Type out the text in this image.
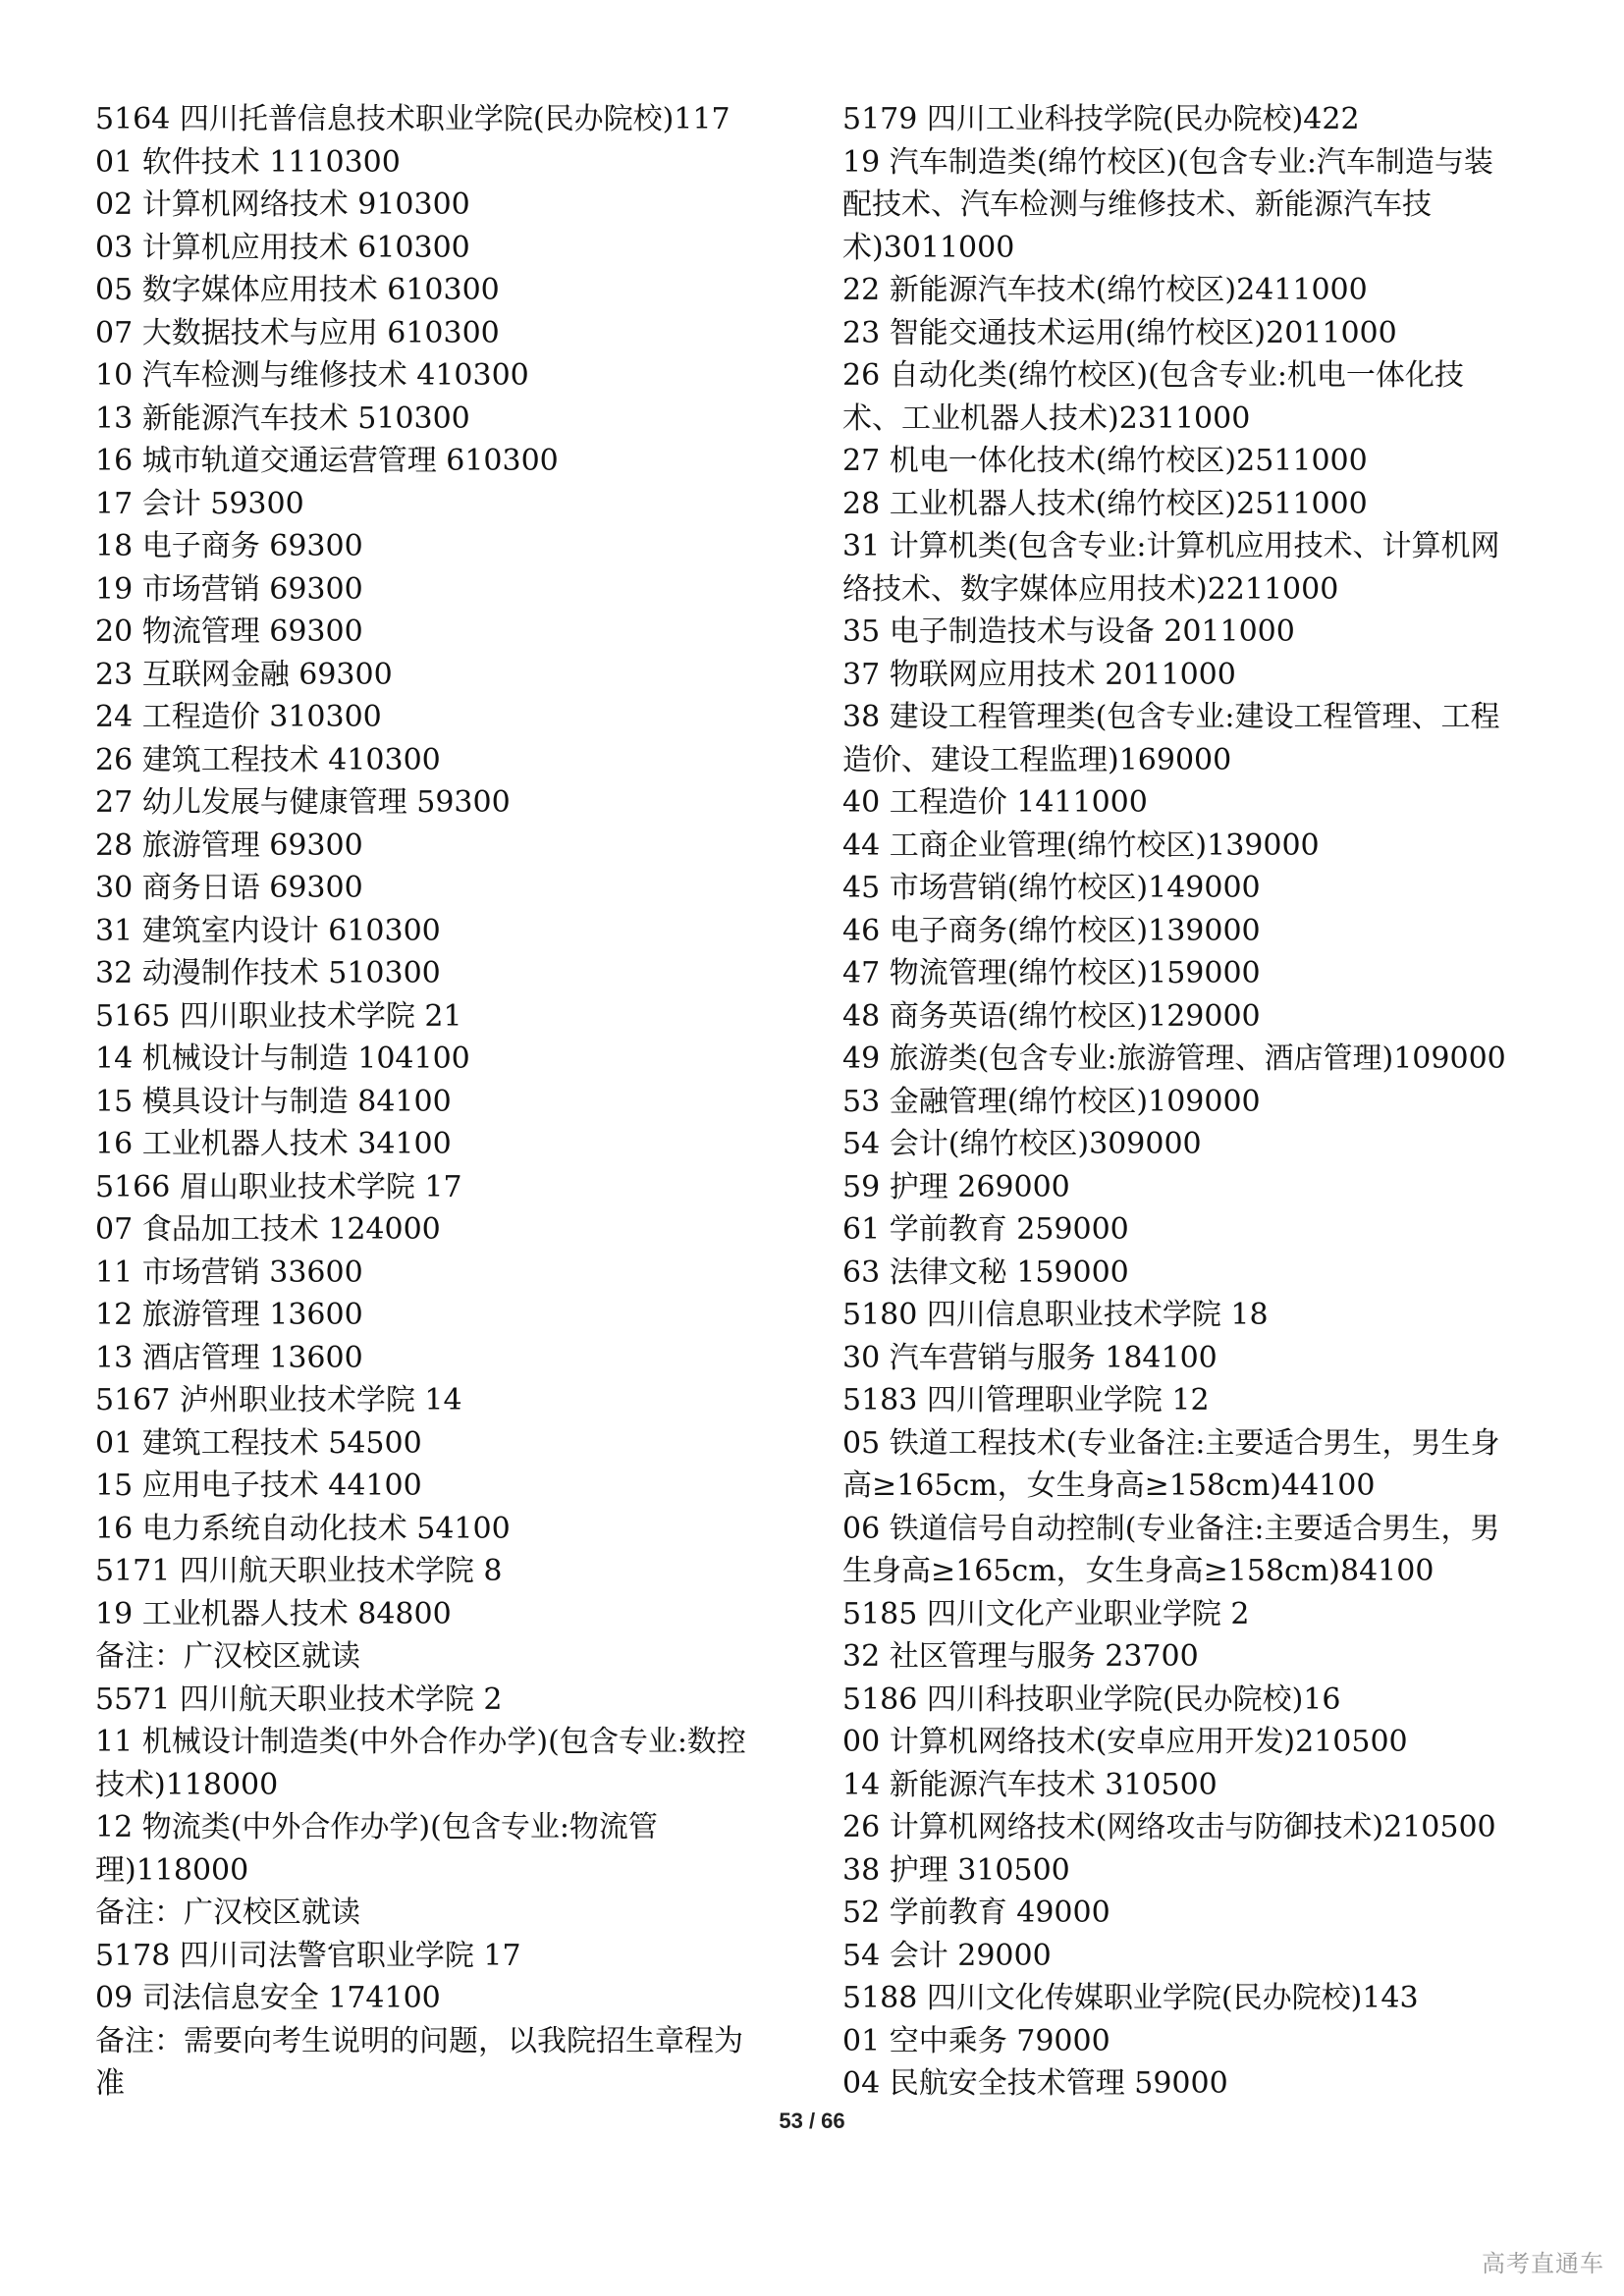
5164 四川托普信息技术职业学院(民办院校)117
01 软件技术 1110300
02 计算机网络技术 910300
03 计算机应用技术 610300
05 数字媒体应用技术 610300
07 大数据技术与应用 610300
10 汽车检测与维修技术 410300
13 新能源汽车技术 510300
16 城市轨道交通运营管理 610300
17 会计 59300
18 电子商务 69300
19 市场营销 69300
20 物流管理 69300
23 互联网金融 69300
24 工程造价 310300
26 建筑工程技术 410300
27 幼儿发展与健康管理 59300
28 旅游管理 69300
30 商务日语 69300
31 建筑室内设计 610300
32 动漫制作技术 510300
5165 四川职业技术学院 21
14 机械设计与制造 104100
15 模具设计与制造 84100
16 工业机器人技术 34100
5166 眉山职业技术学院 17
07 食品加工技术 124000
11 市场营销 33600
12 旅游管理 13600
13 酒店管理 13600
5167 泸州职业技术学院 14
01 建筑工程技术 54500
15 应用电子技术 44100
16 电力系统自动化技术 54100
5171 四川航天职业技术学院 8
19 工业机器人技术 84800
备注：广汉校区就读
5571 四川航天职业技术学院 2
11 机械设计制造类(中外合作办学)(包含专业:数控
技术)118000
12 物流类(中外合作办学)(包含专业:物流管
理)118000
备注：广汉校区就读
5178 四川司法警官职业学院 17
09 司法信息安全 174100
备注：需要向考生说明的问题，以我院招生章程为
准
5179 四川工业科技学院(民办院校)422
19 汽车制造类(绵竹校区)(包含专业:汽车制造与装
配技术、汽车检测与维修技术、新能源汽车技
术)3011000
22 新能源汽车技术(绵竹校区)2411000
23 智能交通技术运用(绵竹校区)2011000
26 自动化类(绵竹校区)(包含专业:机电一体化技
术、工业机器人技术)2311000
27 机电一体化技术(绵竹校区)2511000
28 工业机器人技术(绵竹校区)2511000
31 计算机类(包含专业:计算机应用技术、计算机网
络技术、数字媒体应用技术)2211000
35 电子制造技术与设备 2011000
37 物联网应用技术 2011000
38 建设工程管理类(包含专业:建设工程管理、工程
造价、建设工程监理)169000
40 工程造价 1411000
44 工商企业管理(绵竹校区)139000
45 市场营销(绵竹校区)149000
46 电子商务(绵竹校区)139000
47 物流管理(绵竹校区)159000
48 商务英语(绵竹校区)129000
49 旅游类(包含专业:旅游管理、酒店管理)109000
53 金融管理(绵竹校区)109000
54 会计(绵竹校区)309000
59 护理 269000
61 学前教育 259000
63 法律文秘 159000
5180 四川信息职业技术学院 18
30 汽车营销与服务 184100
5183 四川管理职业学院 12
05 铁道工程技术(专业备注:主要适合男生，男生身
高≥165cm，女生身高≥158cm)44100
06 铁道信号自动控制(专业备注:主要适合男生，男
生身高≥165cm，女生身高≥158cm)84100
5185 四川文化产业职业学院 2
32 社区管理与服务 23700
5186 四川科技职业学院(民办院校)16
00 计算机网络技术(安卓应用开发)210500
14 新能源汽车技术 310500
26 计算机网络技术(网络攻击与防御技术)210500
38 护理 310500
52 学前教育 49000
54 会计 29000
5188 四川文化传媒职业学院(民办院校)143
01 空中乘务 79000
04 民航安全技术管理 59000
53 / 66
高考直通车
